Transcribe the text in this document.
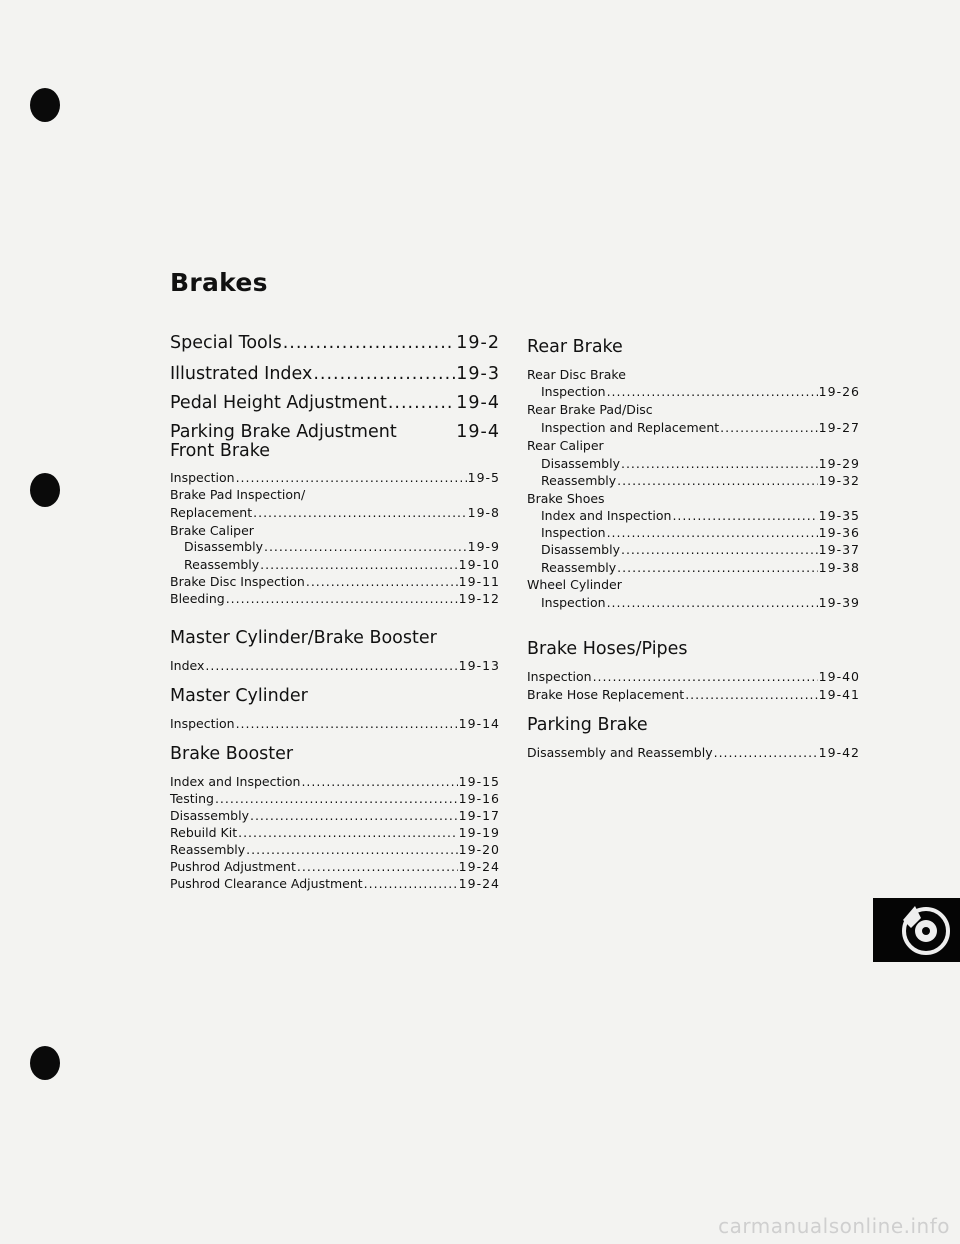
Brakes
Special Tools .....	19-2
Illustrated Index .....	19-3
Pedal Height Adjustment .....	19-4
Parking Brake Adjustment	19-4
Front Brake
Inspection .....	19-5
Brake Pad Inspection/
Replacement .....	19-8
Brake Caliper
Disassembly .....	19-9
Reassembly .....	19-10
Brake Disc Inspection .....	19-11
Bleeding .....	19-12
Master Cylinder/Brake Booster
Index .....	19-13
Master Cylinder
Inspection .....	19-14
Brake Booster
Index and Inspection .....	19-15
Testing .....	19-16
Disassembly .....	19-17
Rebuild Kit .....	19-19
Reassembly .....	19-20
Pushrod Adjustment .....	19-24
Pushrod Clearance Adjustment .....	19-24
Rear Brake
Rear Disc Brake
Inspection .....	19-26
Rear Brake Pad/Disc
Inspection and Replacement .....	19-27
Rear Caliper
Disassembly .....	19-29
Reassembly .....	19-32
Brake Shoes
Index and Inspection .....	19-35
Inspection .....	19-36
Disassembly .....	19-37
Reassembly .....	19-38
Wheel Cylinder
Inspection .....	19-39
Brake Hoses/Pipes
Inspection .....	19-40
Brake Hose Replacement .....	19-41
Parking Brake
Disassembly and Reassembly .....	19-42
carmanualsonline.info
